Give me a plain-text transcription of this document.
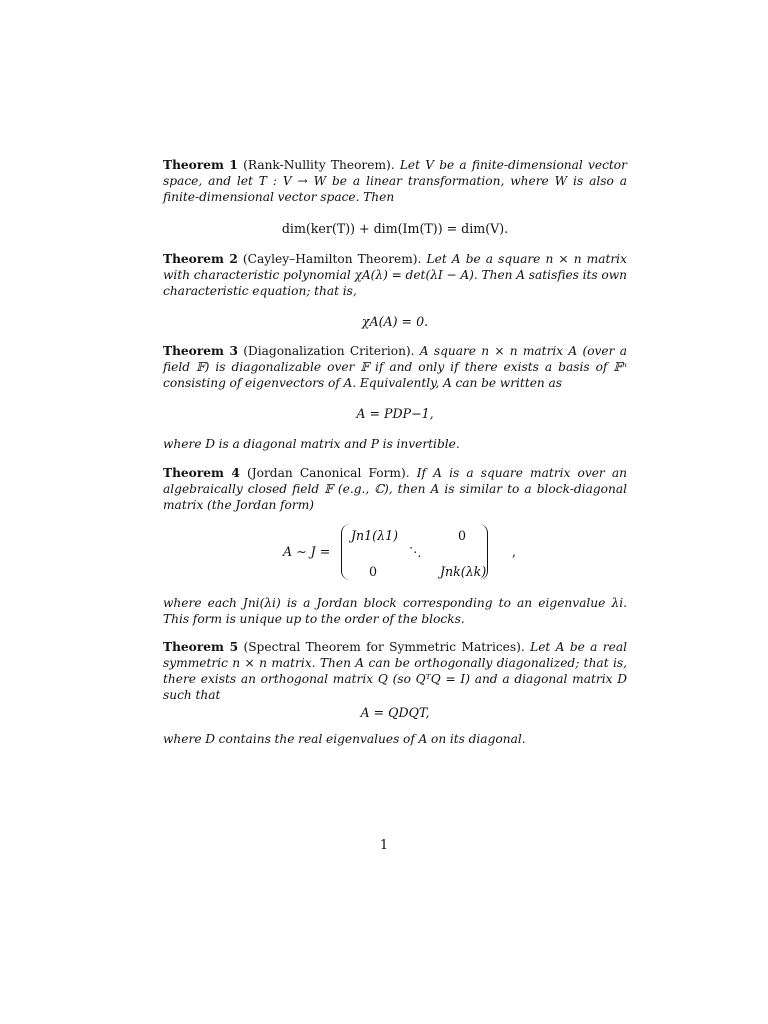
Theorem 1 (Rank-Nullity Theorem). Let V be a finite-dimensional vector space, and let T : V → W be a linear transformation, where W is also a finite-dimensional vector space. Then
dim(ker(T)) + dim(Im(T)) = dim(V).
Theorem 2 (Cayley–Hamilton Theorem). Let A be a square n × n matrix with characteristic polynomial χA(λ) = det(λI − A). Then A satisfies its own characteristic equation; that is,
χA(A) = 0.
Theorem 3 (Diagonalization Criterion). A square n × n matrix A (over a field 𝔽) is diagonalizable over 𝔽 if and only if there exists a basis of 𝔽ⁿ consisting of eigenvectors of A. Equivalently, A can be written as
A = PDP−1,
where D is a diagonal matrix and P is invertible.
Theorem 4 (Jordan Canonical Form). If A is a square matrix over an algebraically closed field 𝔽 (e.g., ℂ), then A is similar to a block-diagonal matrix (the Jordan form)
A ∼ J =
Jn1(λ1)	0
⋱
0	Jnk(λk)
,
where each Jni(λi) is a Jordan block corresponding to an eigenvalue λi. This form is unique up to the order of the blocks.
Theorem 5 (Spectral Theorem for Symmetric Matrices). Let A be a real symmetric n × n matrix. Then A can be orthogonally diagonalized; that is, there exists an orthogonal matrix Q (so QᵀQ = I) and a diagonal matrix D such that
A = QDQT,
where D contains the real eigenvalues of A on its diagonal.
1
